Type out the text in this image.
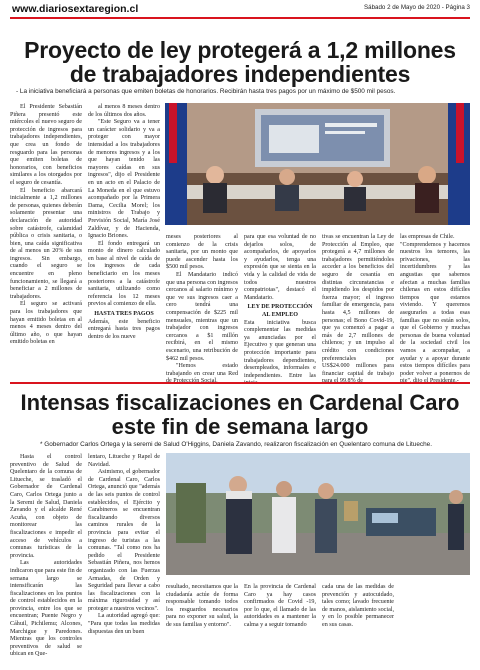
www.diariosextaregion.cl	Sábado 2 de Mayo de 2020 - Página 3
Proyecto de ley protegerá a 1,2 millones de trabajadores independientes
- La iniciativa beneficiará a personas que emiten boletas de honorarios. Recibirán hasta tres pagos por un máximo de $500 mil pesos.

El Presidente Sebastián Piñera presentó este miércoles el nuevo seguro de protección de ingresos para trabajadores independientes, que crea un fondo de resguardo para las personas que emiten boletas de honorarios, con beneficios similares a los otorgados por el seguro de cesantía.

El beneficio abarcará inicialmente a 1,2 millones de personas, quienes deberán solamente presentar una declaración de autoridad sobre catástrofe, calamidad pública o crisis sanitaria, o bien, una caída significativa de al menos un 20% de sus ingresos. Sin embargo, cuando el seguro se encuentre en pleno funcionamiento, se llegará a beneficiar a 2 millones de trabajadores.

El seguro se activará para los trabajadores que hayan emitido boletas en al menos 4 meses dentro del último año, o que hayan emitido boletas en

al menos 8 meses dentro de los últimos dos años.

"Este Seguro va a tener un carácter solidario y va a proteger con mayor intensidad a los trabajadores de menores ingresos y a los que hayan tenido las mayores caídas en sus ingresos", dijo el Presidente en un acto en el Palacio de La Moneda en el que estuvo acompañado por la Primera Dama, Cecilia Morel; los ministros de Trabajo y Previsión Social, María José Zaldívar, y de Hacienda, Ignacio Briones.

El fondo entregará un monto de dinero calculado en base al nivel de caída de los ingresos de cada beneficiario en los meses posteriores a la catástrofe sanitaria, utilizando como referencia los 12 meses previos al comienzo de ella.

HASTA TRES PAGOS

Además, este beneficio entregará hasta tres pagos dentro de los nueve

meses posteriores al comienzo de la crisis sanitaria, por un monto que puede ascender hasta los $500 mil pesos.

El Mandatario indicó que una persona con ingresos cercanos al salario mínimo y que ve sus ingresos caer a cero tendrá una compensación de $225 mil mensuales, mientras que un trabajador con ingresos cercanos a $1 millón recibirá, en el mismo escenario, una retribución de $462 mil pesos.

"Hemos estado trabajando en crear una Red

para que esa voluntad de no dejarlos solos, de acompañarlos, de apoyarlos y ayudarlos, tenga una expresión que se sienta en la vida y la calidad de vida de todos nuestros compatriotas", destacó el Mandatario.

LEY DE PROTECCIÓN AL EMPLEO

Esta iniciativa busca complementar las medidas ya anunciadas por el Ejecutivo y que generan una protección importante para trabajadores dependientes, desempleados, informales e independientes. Entre las

tivas se encuentran la Ley de Protección al Empleo, que protegerá a 4,7 millones de trabajadores permitiéndoles acceder a los beneficios del seguro de cesantía en distintas circunstancias e impidiendo los despidos por fuerza mayor; el ingreso familiar de emergencia, para hasta 4,5 millones de personas; el Bono Covid-19, que ya comenzó a pagar a más de 2,7 millones de chilenos; y un impulso al crédito con condiciones preferenciales por US$24.000 millones para financiar capital de trabajo

las empresas de Chile.

"Comprendemos y hacemos nuestros los temores, las privaciones, las incertidumbres y las angustias que sabemos afectan a muchas familias chilenas en estos difíciles tiempos que estamos viviendo. Y queremos asegurarles a todas esas familias que no están solos, que el Gobierno y muchas personas de buena voluntad de la sociedad civil los vamos a acompañar, a ayudar y a apoyar durante estos tiempos difíciles para poder volver a ponernos de

Intensas fiscalizaciones en Cardenal Caro este fin de semana largo
* Gobernador Carlos Ortega y la seremi de Salud O'Higgins, Daniela Zavando, realizaron fiscalización en Quelentaro comuna de Litueche.

Hasta el control preventivo de Salud de Quelentaro de la comuna de Litueche, se trasladó el Gobernador de Cardenal Caro, Carlos Ortega junto a la Seremi de Salud, Daniela Zavando y el alcalde René Acuña, con objeto de monitorear las fiscalizaciones e impedir el acceso de vehículos a comunas turísticas de la provincia.

Las autoridades indicaron que para este fin de semana largo se intensificarán las fiscalizaciones en los puntos de control establecidos en la provincia, entre los que se encuentran; Puente Negro y Cáhuil, Pichilemu; Alcones, Marchigue y Paredones. Mientras que los controles preventivos de salud se ubican en Que-

lentaro, Litueche y Rapel de Navidad.

Asimismo, el gobernador de Cardenal Caro, Carlos Ortega, anunció que "además de las seis puntos de control establecidos, el Ejército y Carabineros se encuentran fiscalizando diversos caminos rurales de la provincia para evitar el ingreso de turistas a las comunas. "Tal como nos ha pedido el Presidente Sebastián Piñera, nos hemos organizado con las Fuerzas Armadas, de Orden y Seguridad para llevar a cabo las fiscalizaciones con la máxima rigurosidad y así proteger a nuestros vecinos".

La autoridad agregó que: "Para que todas las medidas dispuestas den un buen

resultado, necesitamos que la ciudadanía actúe de forma responsable tomando todos los resguardos necesarios para no exponer su salud, la de sus familias y entorno".

En la provincia de Cardenal Caro ya hay casos confirmados de Covid -19, por lo que, el llamado de las autoridades es a mantener la calma y a seguir tomando

cada una de las medidas de prevención y autocuidado, tales como; lavado frecuente de manos, aislamiento social, y en lo posible permanecer en sus casas.
